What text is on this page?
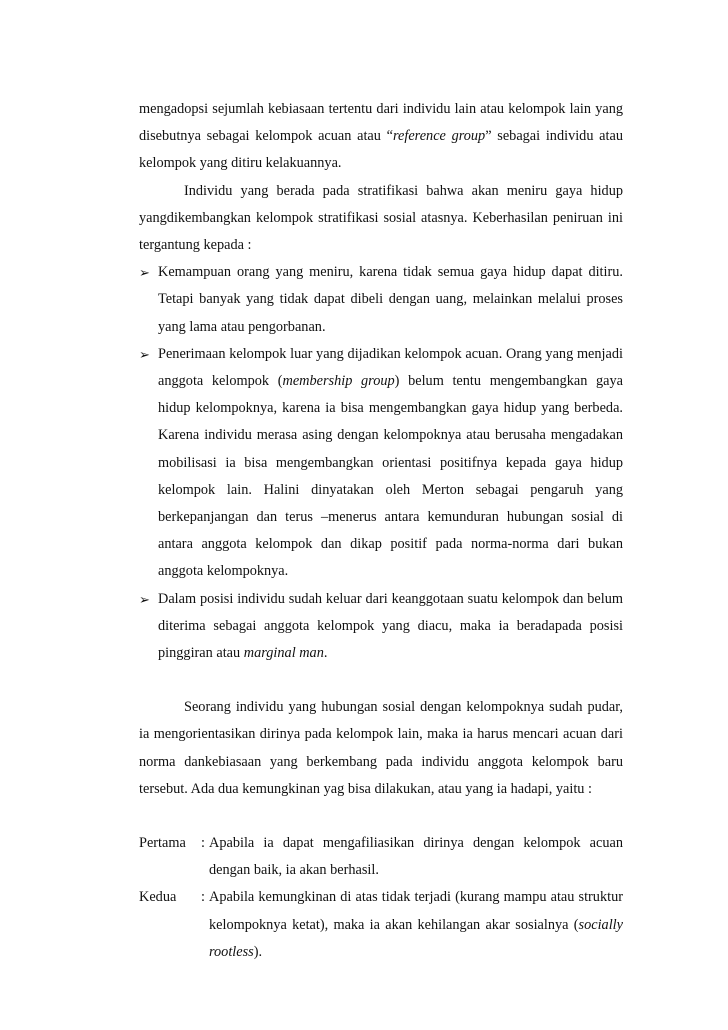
mengadopsi sejumlah kebiasaan tertentu dari individu lain atau kelompok lain yang disebutnya sebagai kelompok acuan atau “reference group” sebagai individu atau kelompok yang ditiru kelakuannya.

Individu yang berada pada stratifikasi bahwa akan meniru gaya hidup yangdikembangkan kelompok stratifikasi sosial atasnya. Keberhasilan peniruan ini tergantung kepada :

➢ Kemampuan orang yang meniru, karena tidak semua gaya hidup dapat ditiru. Tetapi banyak yang tidak dapat dibeli dengan uang, melainkan melalui proses yang lama atau pengorbanan.
➢ Penerimaan kelompok luar yang dijadikan kelompok acuan. Orang yang menjadi anggota kelompok (membership group) belum tentu mengembangkan gaya hidup kelompoknya, karena ia bisa mengembangkan gaya hidup yang berbeda. Karena individu merasa asing dengan kelompoknya atau berusaha mengadakan mobilisasi ia bisa mengembangkan orientasi positifnya kepada gaya hidup kelompok lain. Halini dinyatakan oleh Merton sebagai pengaruh yang berkepanjangan dan terus –menerus antara kemunduran hubungan sosial di antara anggota kelompok dan dikap positif pada norma-norma dari bukan anggota kelompoknya.
➢ Dalam posisi individu sudah keluar dari keanggotaan suatu kelompok dan belum diterima sebagai anggota kelompok yang diacu, maka ia beradapada posisi pinggiran atau marginal man.

Seorang individu yang hubungan sosial dengan kelompoknya sudah pudar, ia mengorientasikan dirinya pada kelompok lain, maka ia harus mencari acuan dari norma dankebiasaan yang berkembang pada individu anggota kelompok baru tersebut. Ada dua kemungkinan yag bisa dilakukan, atau yang ia hadapi, yaitu :

Pertama	: Apabila ia dapat mengafiliasikan dirinya dengan kelompok acuan dengan baik, ia akan berhasil.
Kedua	: Apabila kemungkinan di atas tidak terjadi (kurang mampu atau struktur kelompoknya ketat), maka ia akan kehilangan akar sosialnya (socially rootless).
